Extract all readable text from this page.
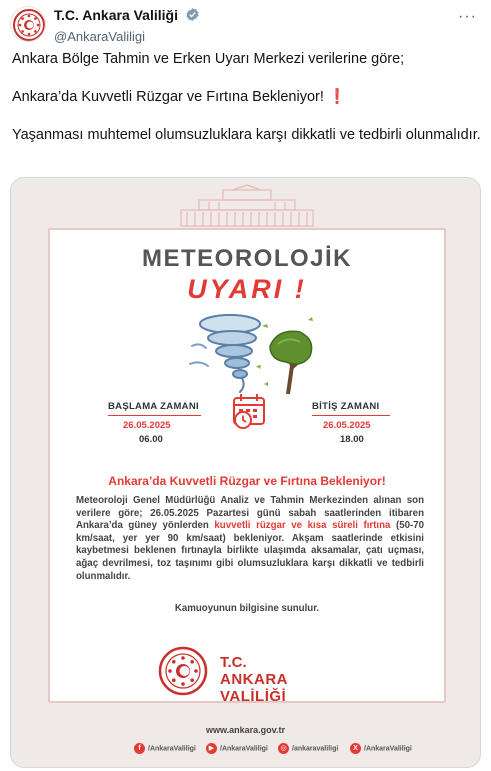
T.C. Ankara Valiliği
@AnkaraValiligi
···

Ankara Bölge Tahmin ve Erken Uyarı Merkezi verilerine göre;

Ankara’da Kuvvetli Rüzgar ve Fırtına Bekleniyor! ❗

Yaşanması muhtemel olumsuzluklara karşı dikkatli ve tedbirli olunmalıdır.

METEOROLOJİK
UYARI !
BAŞLAMA ZAMANI
26.05.2025
06.00
BİTİŞ ZAMANI
26.05.2025
18.00
Ankara’da Kuvvetli Rüzgar ve Fırtına Bekleniyor!
Meteoroloji Genel Müdürlüğü Analiz ve Tahmin Merkezinden alınan son verilere göre; 26.05.2025 Pazartesi günü sabah saatlerinden itibaren Ankara’da güney yönlerden kuvvetli rüzgar ve kısa süreli fırtına (50-70 km/saat, yer yer 90 km/saat) bekleniyor. Akşam saatlerinde etkisini kaybetmesi beklenen fırtınayla birlikte ulaşımda aksamalar, çatı uçması, ağaç devrilmesi, toz taşınımı gibi olumsuzluklara karşı dikkatli ve tedbirli olunmalıdır.
Kamuoyunun bilgisine sunulur.
T.C.
ANKARA VALİLİĞİ
www.ankara.gov.tr
f /AnkaraValiligi	▶ /AnkaraValiligi	◎ /ankaravaliligi	X /AnkaraValiligi
